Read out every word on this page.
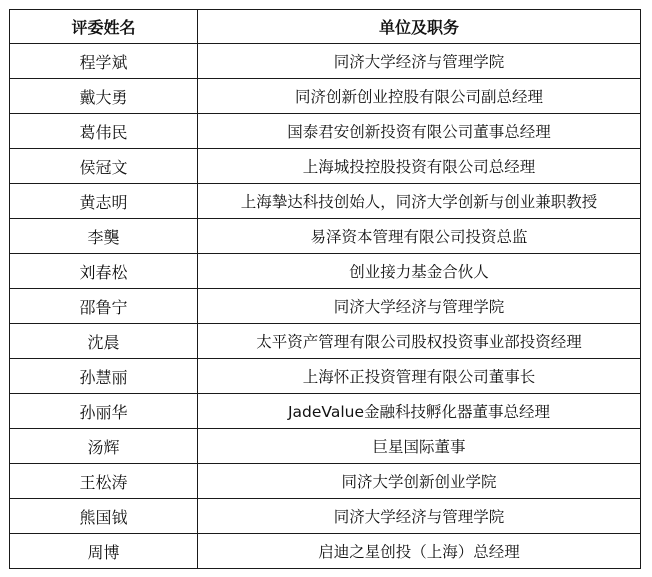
评委姓名	单位及职务
程学斌	同济大学经济与管理学院
戴大勇	同济创新创业控股有限公司副总经理
葛伟民	国泰君安创新投资有限公司董事总经理
侯冠文	上海城投控股投资有限公司总经理
黄志明	上海摯达科技创始人，同济大学创新与创业兼职教授
李龑	易泽资本管理有限公司投资总监
刘春松	创业接力基金合伙人
邵鲁宁	同济大学经济与管理学院
沈晨	太平资产管理有限公司股权投资事业部投资经理
孙慧丽	上海怀正投资管理有限公司董事长
孙丽华	JadeValue金融科技孵化器董事总经理
汤辉	巨星国际董事
王松涛	同济大学创新创业学院
熊国钺	同济大学经济与管理学院
周博	启迪之星创投（上海）总经理
